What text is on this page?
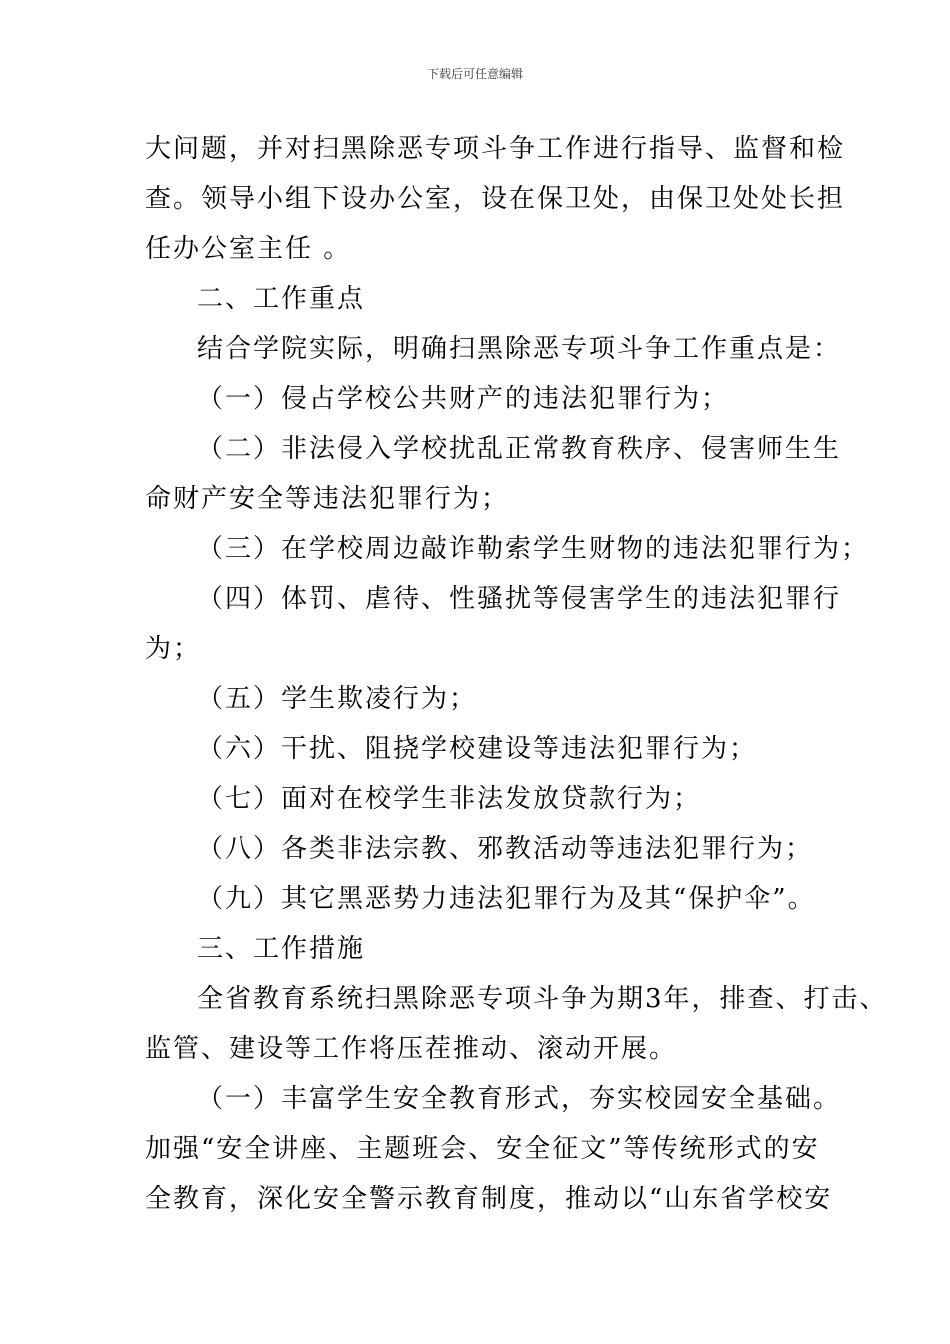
下载后可任意编辑
大问题，并对扫黑除恶专项斗争工作进行指导、监督和检
查。领导小组下设办公室，设在保卫处，由保卫处处长担
任办公室主任 。
二、工作重点
结合学院实际，明确扫黑除恶专项斗争工作重点是：
（一）侵占学校公共财产的违法犯罪行为；
（二）非法侵入学校扰乱正常教育秩序、侵害师生生
命财产安全等违法犯罪行为；
（三）在学校周边敲诈勒索学生财物的违法犯罪行为；
（四）体罚、虐待、性骚扰等侵害学生的违法犯罪行
为；
（五）学生欺凌行为；
（六）干扰、阻挠学校建设等违法犯罪行为；
（七）面对在校学生非法发放贷款行为；
（八）各类非法宗教、邪教活动等违法犯罪行为；
（九）其它黑恶势力违法犯罪行为及其“保护伞”。
三、工作措施
全省教育系统扫黑除恶专项斗争为期3年，排查、打击、
监管、建设等工作将压茬推动、滚动开展。
（一）丰富学生安全教育形式，夯实校园安全基础。
加强“安全讲座、主题班会、安全征文”等传统形式的安
全教育，深化安全警示教育制度，推动以“山东省学校安
